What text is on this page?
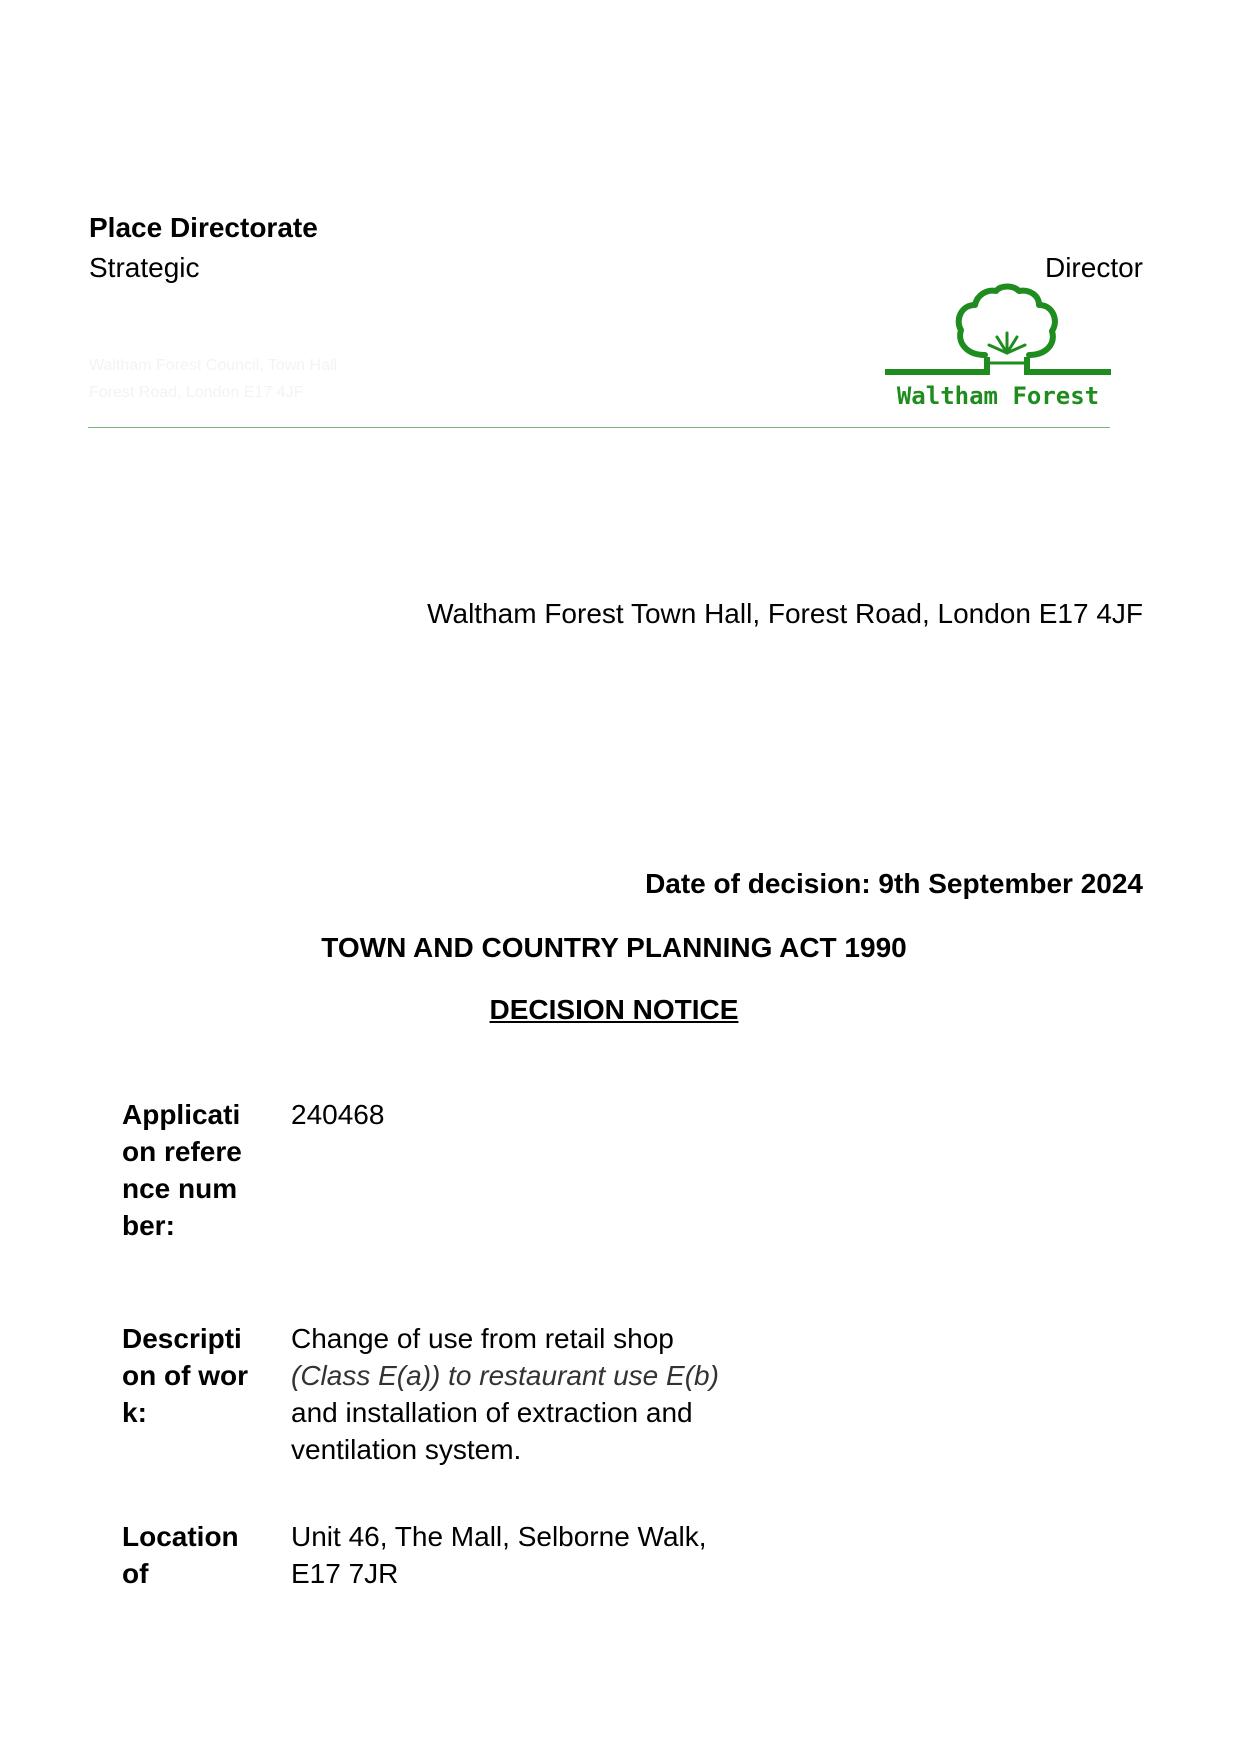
Place Directorate
Strategic	Director
Waltham Forest Council, Town Hall
Forest Road, London E17 4JF	Waltham Forest
Waltham Forest Town Hall, Forest Road, London E17 4JF
Date of decision: 9th September 2024
TOWN AND COUNTRY PLANNING ACT 1990
DECISION NOTICE
Application reference number:
240468
Description of work:
Change of use from retail shop (Class E(a)) to restaurant use E(b) and installation of extraction and ventilation system.
Location of
Unit 46, The Mall, Selborne Walk, E17 7JR
